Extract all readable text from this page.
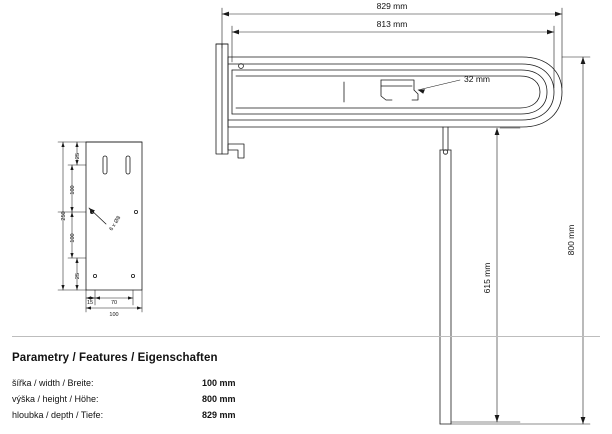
829 mm
813 mm
32 mm
800 mm
615 mm
25
100
100
25
250
15	70
100
6 x Ø8
Parametry / Features / Eigenschaften
šířka / width / Breite:	100 mm
výška / height / Höhe:	800 mm
hloubka / depth / Tiefe:	829 mm
